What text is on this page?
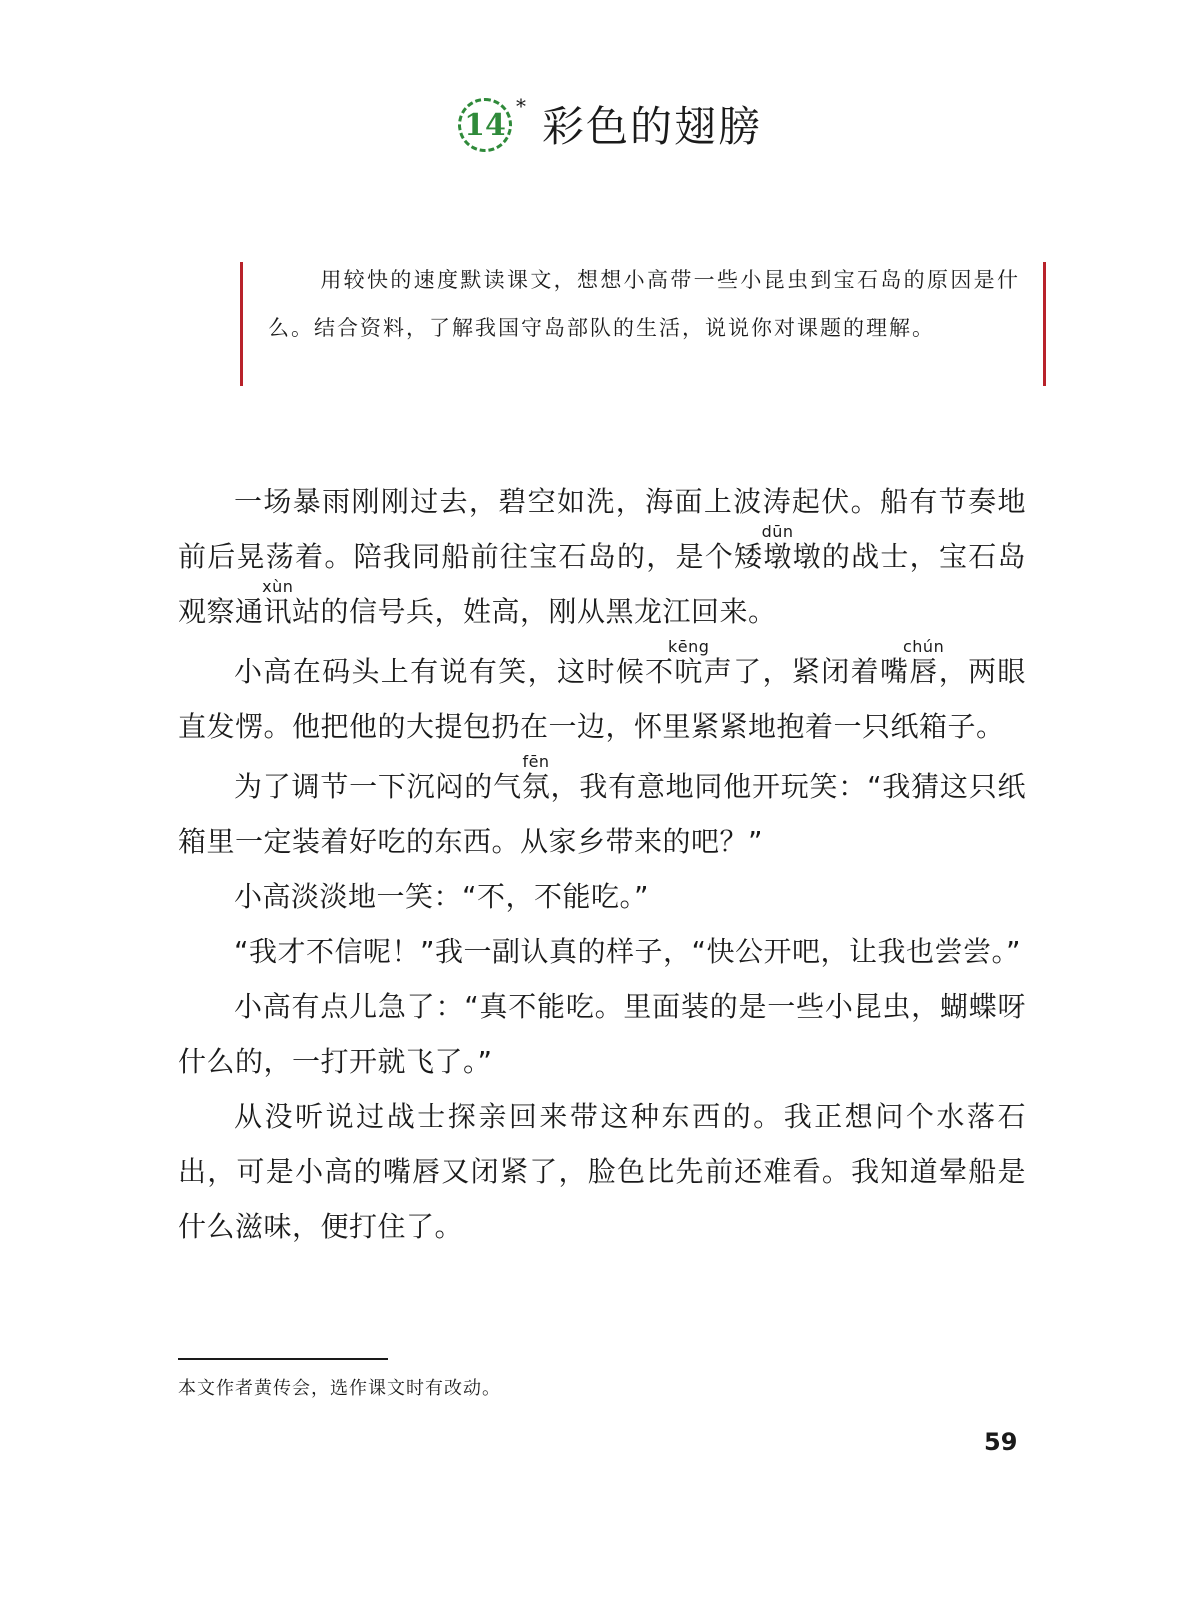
14
* 彩色的翅膀
用较快的速度默读课文，想想小高带一些小昆虫到宝石岛的原因是什么。结合资料，了解我国守岛部队的生活，说说你对课题的理解。

一场暴雨刚刚过去，碧空如洗，海面上波涛起伏。船有节奏地前后晃荡着。陪我同船前往宝石岛的，是个矮墩dūn墩的战士，宝石岛观察通讯xùn站的信号兵，姓高，刚从黑龙江回来。

小高在码头上有说有笑，这时候不吭kēng声了，紧闭着嘴唇chún，两眼直发愣。他把他的大提包扔在一边，怀里紧紧地抱着一只纸箱子。

为了调节一下沉闷的气氛fēn，我有意地同他开玩笑：“我猜这只纸箱里一定装着好吃的东西。从家乡带来的吧？”

小高淡淡地一笑：“不，不能吃。”

“我才不信呢！”我一副认真的样子，“快公开吧，让我也尝尝。”

小高有点儿急了：“真不能吃。里面装的是一些小昆虫，蝴蝶呀什么的，一打开就飞了。”

从没听说过战士探亲回来带这种东西的。我正想问个水落石出，可是小高的嘴唇又闭紧了，脸色比先前还难看。我知道晕船是什么滋味，便打住了。

本文作者黄传会，选作课文时有改动。
59
